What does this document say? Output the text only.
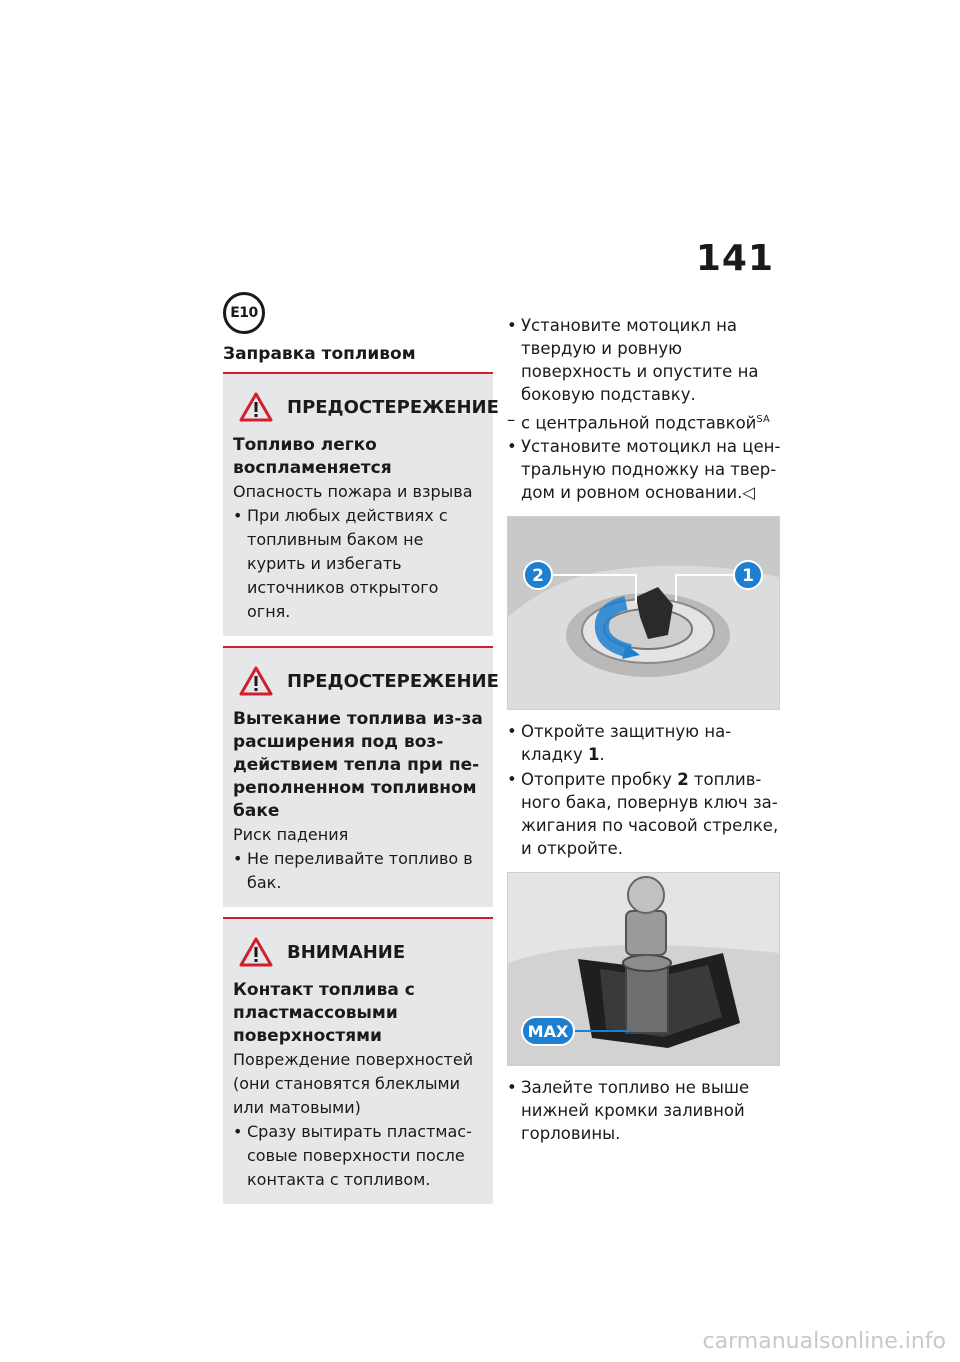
141
E10
Заправка топливом
ПРЕДОСТЕРЕЖЕНИЕ
Топливо легко воспламеняется
Опасность пожара и взрыва
• При любых действиях с топливным баком не курить и избегать источников открытого огня.
ПРЕДОСТЕРЕЖЕНИЕ
Вытекание топлива из-за расширения под воздействием тепла при переполненном топливном баке
Риск падения
• Не переливайте топливо в бак.
ВНИМАНИЕ
Контакт топлива с пластмассовыми поверхностями
Повреждение поверхностей (они становятся блеклыми или матовыми)
• Сразу вытирать пластмассовые поверхности после контакта с топливом.
• Установите мотоцикл на твердую и ровную поверхность и опустите на боковую подставку.
– с центральной подставкой$^{SA}$
• Установите мотоцикл на центральную подножку на твердом и ровном основании.◁
2	1
• Откройте защитную накладку 1.
• Отоприте пробку 2 топливного бака, повернув ключ зажигания по часовой стрелке, и откройте.
MAX
• Залейте топливо не выше нижней кромки заливной горловины.
carmanualsonline.info
